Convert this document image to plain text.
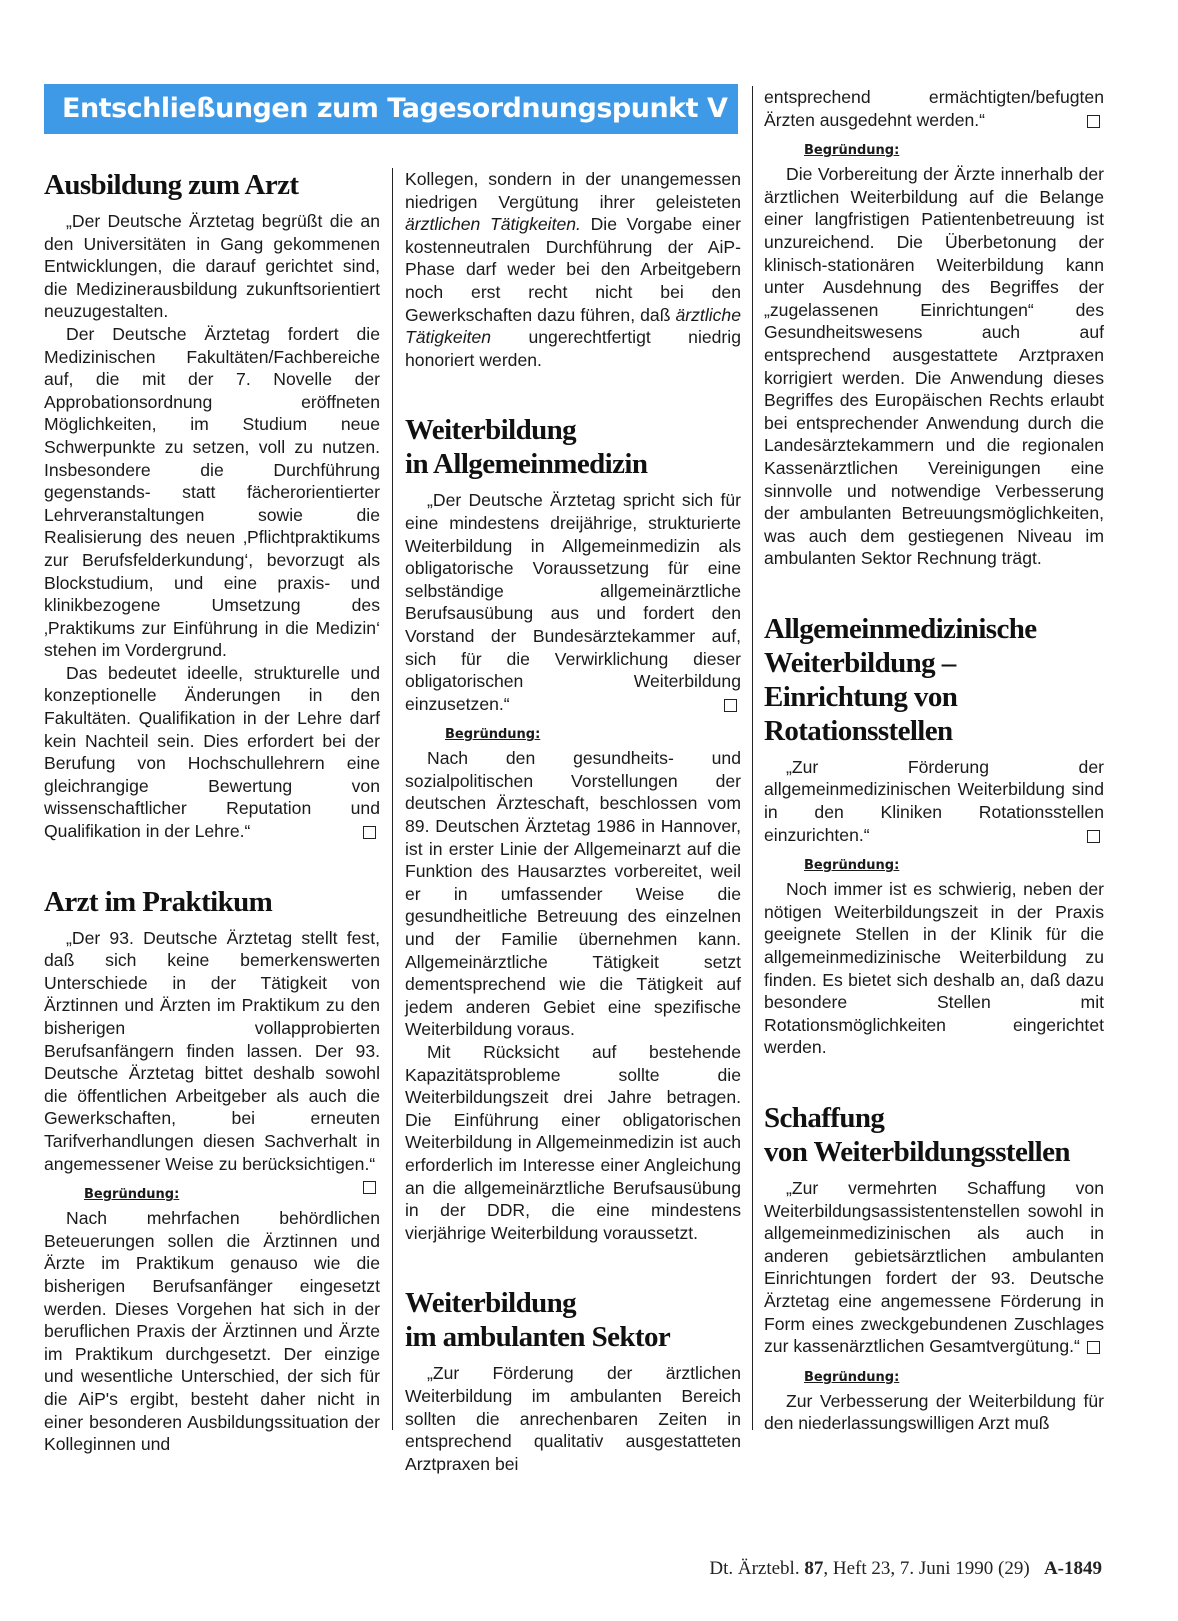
Entschließungen zum Tagesordnungspunkt V
Ausbildung zum Arzt

„Der Deutsche Ärztetag begrüßt die an den Universitäten in Gang gekommenen Entwicklungen, die darauf gerichtet sind, die Medizinerausbildung zukunftsorientiert neuzugestalten.

Der Deutsche Ärztetag fordert die Medizinischen Fakultäten/Fachbereiche auf, die mit der 7. Novelle der Approbationsordnung eröffneten Möglichkeiten, im Studium neue Schwerpunkte zu setzen, voll zu nutzen. Insbesondere die Durchführung gegenstands- statt fächerorientierter Lehrveranstaltungen sowie die Realisierung des neuen ‚Pflichtpraktikums zur Berufsfelderkundung‘, bevorzugt als Blockstudium, und eine praxis- und klinikbezogene Umsetzung des ‚Praktikums zur Einführung in die Medizin‘ stehen im Vordergrund.

Das bedeutet ideelle, strukturelle und konzeptionelle Änderungen in den Fakultäten. Qualifikation in der Lehre darf kein Nachteil sein. Dies erfordert bei der Berufung von Hochschullehrern eine gleichrangige Bewertung von wissenschaftlicher Reputation und Qualifikation in der Lehre.“

Arzt im Praktikum

„Der 93. Deutsche Ärztetag stellt fest, daß sich keine bemerkenswerten Unterschiede in der Tätigkeit von Ärztinnen und Ärzten im Praktikum zu den bisherigen vollapprobierten Berufsanfängern finden lassen. Der 93. Deutsche Ärztetag bittet deshalb sowohl die öffentlichen Arbeitgeber als auch die Gewerkschaften, bei erneuten Tarifverhandlungen diesen Sachverhalt in angemessener Weise zu berücksichtigen.“

Begründung:

Nach mehrfachen behördlichen Beteuerungen sollen die Ärztinnen und Ärzte im Praktikum genauso wie die bisherigen Berufsanfänger eingesetzt werden. Dieses Vorgehen hat sich in der beruflichen Praxis der Ärztinnen und Ärzte im Praktikum durchgesetzt. Der einzige und wesentliche Unterschied, der sich für die AiP's ergibt, besteht daher nicht in einer besonderen Ausbildungssituation der Kolleginnen und

Kollegen, sondern in der unangemessen niedrigen Vergütung ihrer geleisteten ärztlichen Tätigkeiten. Die Vorgabe einer kostenneutralen Durchführung der AiP-Phase darf weder bei den Arbeitgebern noch erst recht nicht bei den Gewerkschaften dazu führen, daß ärztliche Tätigkeiten ungerechtfertigt niedrig honoriert werden.

Weiterbildung
in Allgemeinmedizin

„Der Deutsche Ärztetag spricht sich für eine mindestens dreijährige, strukturierte Weiterbildung in Allgemeinmedizin als obligatorische Voraussetzung für eine selbständige allgemeinärztliche Berufsausübung aus und fordert den Vorstand der Bundesärztekammer auf, sich für die Verwirklichung dieser obligatorischen Weiterbildung einzusetzen.“

Begründung:

Nach den gesundheits- und sozialpolitischen Vorstellungen der deutschen Ärzteschaft, beschlossen vom 89. Deutschen Ärztetag 1986 in Hannover, ist in erster Linie der Allgemeinarzt auf die Funktion des Hausarztes vorbereitet, weil er in umfassender Weise die gesundheitliche Betreuung des einzelnen und der Familie übernehmen kann. Allgemeinärztliche Tätigkeit setzt dementsprechend wie die Tätigkeit auf jedem anderen Gebiet eine spezifische Weiterbildung voraus.

Mit Rücksicht auf bestehende Kapazitätsprobleme sollte die Weiterbildungszeit drei Jahre betragen. Die Einführung einer obligatorischen Weiterbildung in Allgemeinmedizin ist auch erforderlich im Interesse einer Angleichung an die allgemeinärztliche Berufsausübung in der DDR, die eine mindestens vierjährige Weiterbildung voraussetzt.

Weiterbildung
im ambulanten Sektor

„Zur Förderung der ärztlichen Weiterbildung im ambulanten Bereich sollten die anrechenbaren Zeiten in entsprechend qualitativ ausgestatteten Arztpraxen bei

entsprechend ermächtigten/befugten Ärzten ausgedehnt werden.“

Begründung:

Die Vorbereitung der Ärzte innerhalb der ärztlichen Weiterbildung auf die Belange einer langfristigen Patientenbetreuung ist unzureichend. Die Überbetonung der klinisch-stationären Weiterbildung kann unter Ausdehnung des Begriffes der „zugelassenen Einrichtungen“ des Gesundheitswesens auch auf entsprechend ausgestattete Arztpraxen korrigiert werden. Die Anwendung dieses Begriffes des Europäischen Rechts erlaubt bei entsprechender Anwendung durch die Landesärztekammern und die regionalen Kassenärztlichen Vereinigungen eine sinnvolle und notwendige Verbesserung der ambulanten Betreuungsmöglichkeiten, was auch dem gestiegenen Niveau im ambulanten Sektor Rechnung trägt.

Allgemeinmedizinische
Weiterbildung –
Einrichtung von
Rotationsstellen

„Zur Förderung der allgemeinmedizinischen Weiterbildung sind in den Kliniken Rotationsstellen einzurichten.“

Begründung:

Noch immer ist es schwierig, neben der nötigen Weiterbildungszeit in der Praxis geeignete Stellen in der Klinik für die allgemeinmedizinische Weiterbildung zu finden. Es bietet sich deshalb an, daß dazu besondere Stellen mit Rotationsmöglichkeiten eingerichtet werden.

Schaffung
von Weiterbildungsstellen

„Zur vermehrten Schaffung von Weiterbildungsassistentenstellen sowohl in allgemeinmedizinischen als auch in anderen gebietsärztlichen ambulanten Einrichtungen fordert der 93. Deutsche Ärztetag eine angemessene Förderung in Form eines zweckgebundenen Zuschlages zur kassenärztlichen Gesamtvergütung.“

Begründung:

Zur Verbesserung der Weiterbildung für den niederlassungswilligen Arzt muß

Dt. Ärztebl. 87, Heft 23, 7. Juni 1990 (29) A-1849
